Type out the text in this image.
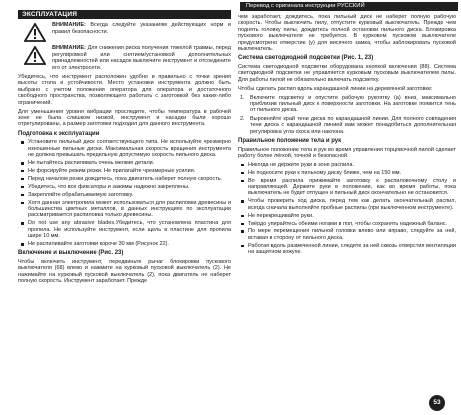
Перевод с оригинала инструкции РУССКИЙ
ЭКСПЛУАТАЦИЯ
ВНИМАНИЕ: Всегда следуйте указаниям действующих норм и правил безопасности.
ВНИМАНИЕ: Для снижения риска получения тяжелой травмы, перед регулировкой или снятием/установкой дополнительных принадлежностей или насадок выключите инструмент и отсоедините его от электросети.

Убедитесь, что инструмент расположен удобно и правильно с точки зрения высоты стола и устойчивости. Место установки инструмента должно быть выбрано с учетом положения оператора для оператора и достаточного свободного пространства, позволяющего работать с заготовкой без каких-либо ограничений.

Для уменьшения уровня вибрации проследите, чтобы температура в рабочей зоне не была слишком низкой, инструмент и насадки были хорошо отрегулированы, а размер заготовки подходил для данного инструмента.

Подготовка к эксплуатации
Установите пильный диск соответствующего типа. Не используйте чрезмерно изношенные пильные диски. Максимальная скорость вращения инструмента не должна превышать предельную допустимую скорость пильного диска.
Не пытайтесь распиливать очень мелкие детали.
Не форсируйте режим резки. Не прилагайте чрезмерные усилия.
Перед началом резки дождитесь, пока двигатель наберет полную скорость.
Убедитесь, что все фиксаторы и зажимы надежно закреплены.
Закрепляйте обрабатываемую заготовку.
Хотя данная электропила может использоваться для распиловки древесины и большинства цветных металлов, в данных инструкциях по эксплуатации рассматривается распиловка только древесины.
Do not use any abrasive blades.Убедитесь, что установлена пластина для пропила. Не используйте инструмент, если щель в пластине для пропила шире 10 мм.
Не распиливайте заготовки короче 30 мм (Рисунок 22).
Включение и выключение (Рис. 23)

Чтобы включить инструмент, передвиньте рычаг блокировки пускового выключателя (68) влево и нажмите на курковый пусковой выключатель (2). Не нажимайте на курковый пусковой выключатель (2), пока двигатель не наберет полную скорость. Инструмент заработает. Прежде

чем заработает, дождитесь, пока пильный диск не наберет полную рабочую скорость. Чтобы выключить пилу, отпустите курковый выключатель. Прежде чем поднять головку пилы, дождитесь полной остановки пильного диска. Блокировка пускового выключателя не требуется. В курковом пусковом выключателе предусмотрено отверстие (у) для висячего замка, чтобы заблокировать пусковой выключатель.

Система светодиодной подсветки (Рис. 1, 23)

Система светодиодной подсветки оборудована кнопкой включения (88). Система светодиодной подсветки не управляется курковым пусковым выключателем пилы. Для работы пилой не обязательно включать подсветку.

Чтобы сделать распил вдоль карандашной линии на деревянной заготовке:

1. Включите подсветку и опустите рабочую рукоятку (а) вниз, максимально приблизив пильный диск к поверхности заготовки. На заготовке появится тень от пильного диска.
2. Выровняйте край тени диска по карандашной линии. Для полного совпадения тени диска с карандашной линией вам может понадобиться дополнительная регулировка угла скоса или наклона.
Правильное положение тела и рук

Правильное положение тела и рук во время управления торцовочной пилой сделает работу более лёгкой, точной и безопасной.

Никогда не держите руки в зоне распила.
Не подносите руки к пильному диску ближе, чем на 150 мм.
Во время распила прижимайте заготовку к распиловочному столу и направляющей. Держите руки в положении, как во время работы, пока выключатель не будет отпущен и пильный диск окончательно не остановится.
Чтобы проверить ход диска, перед тем как делать окончательный распил, всегда сначала выполняйте пробные распилы (при выключенном инструменте).
Не перекрещивайте руки.
Твёрдо упирайтесь обеими ногами в пол, чтобы сохранять надежный баланс.
По мере перемещения пильной головки влево или вправо, следуйте за ней, вставая в сторону от пильного диска.
Работая вдоль размеченной линии, следите за ней сквозь отверстия вентиляции на защитном кожухе.
53
